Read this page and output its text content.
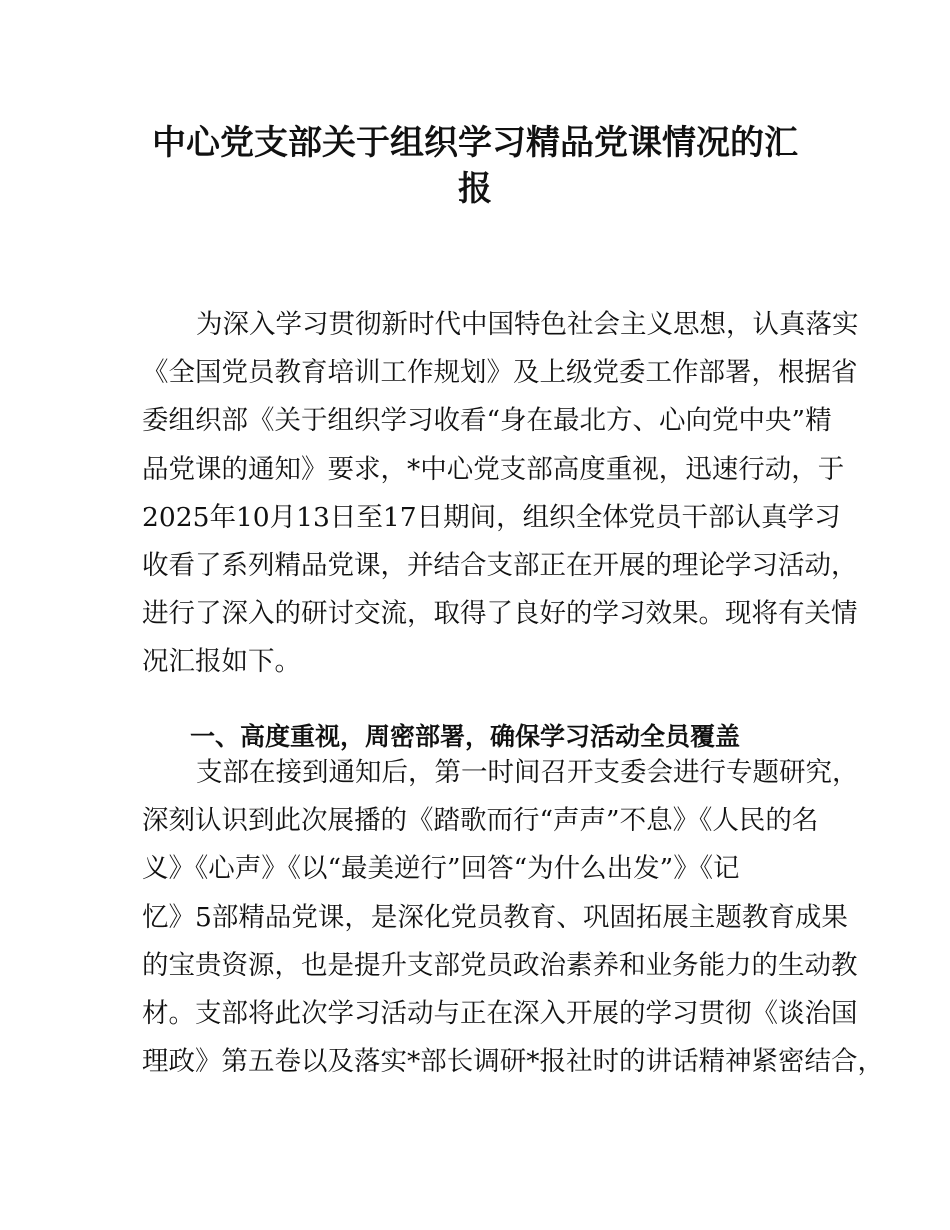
中心党支部关于组织学习精品党课情况的汇
报
为深入学习贯彻新时代中国特色社会主义思想，认真落实
《全国党员教育培训工作规划》及上级党委工作部署，根据省
委组织部《关于组织学习收看“身在最北方、心向党中央”精
品党课的通知》要求，*中心党支部高度重视，迅速行动，于
2025年10月13日至17日期间，组织全体党员干部认真学习
收看了系列精品党课，并结合支部正在开展的理论学习活动，
进行了深入的研讨交流，取得了良好的学习效果。现将有关情
况汇报如下。
一、高度重视，周密部署，确保学习活动全员覆盖
支部在接到通知后，第一时间召开支委会进行专题研究，
深刻认识到此次展播的《踏歌而行“声声”不息》《人民的名
义》《心声》《以“最美逆行”回答“为什么出发”》《记
忆》5部精品党课，是深化党员教育、巩固拓展主题教育成果
的宝贵资源，也是提升支部党员政治素养和业务能力的生动教
材。支部将此次学习活动与正在深入开展的学习贯彻《谈治国
理政》第五卷以及落实*部长调研*报社时的讲话精神紧密结合，
